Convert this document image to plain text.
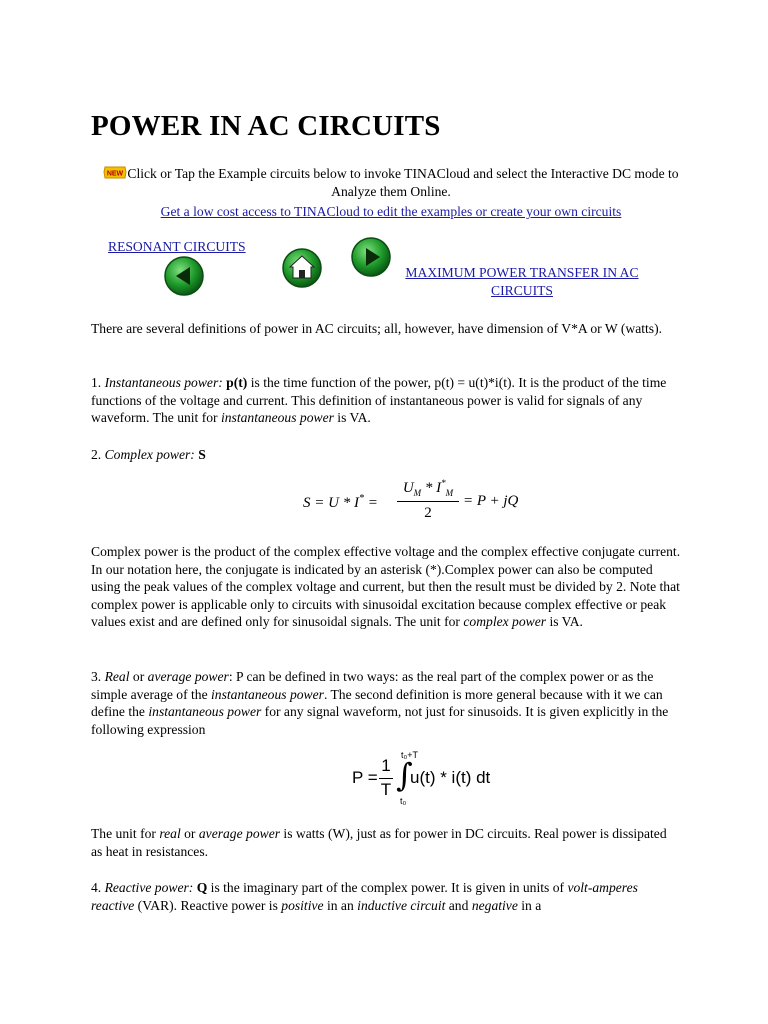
POWER IN AC CIRCUITS
NEW Click or Tap the Example circuits below to invoke TINACloud and select the Interactive DC mode to Analyze them Online.
Get a low cost access to TINACloud to edit the examples or create your own circuits
RESONANT CIRCUITS
MAXIMUM POWER TRANSFER IN AC CIRCUITS

There are several definitions of power in AC circuits; all, however, have dimension of V*A or W (watts).

1. Instantaneous power: p(t) is the time function of the power, p(t) = u(t)*i(t). It is the product of the time functions of the voltage and current. This definition of instantaneous power is valid for signals of any waveform. The unit for instantaneous power is VA.

2. Complex power: S

S = U * I* =
$U_M * I^*_M$
2
= P + jQ

Complex power is the product of the complex effective voltage and the complex effective conjugate current. In our notation here, the conjugate is indicated by an asterisk (*).Complex power can also be computed using the peak values of the complex voltage and current, but then the result must be divided by 2. Note that complex power is applicable only to circuits with sinusoidal excitation because complex effective or peak values exist and are defined only for sinusoidal signals. The unit for complex power is VA.

3. Real or average power: P can be defined in two ways: as the real part of the complex power or as the simple average of the instantaneous power. The second definition is more general because with it we can define the instantaneous power for any signal waveform, not just for sinusoids. It is given explicitly in the following expression

P =
1
T ∫
t₀+T
t₀
u(t) * i(t) dt

The unit for real or average power is watts (W), just as for power in DC circuits. Real power is dissipated as heat in resistances.

4. Reactive power: Q is the imaginary part of the complex power. It is given in units of volt-amperes reactive (VAR). Reactive power is positive in an inductive circuit and negative in a
